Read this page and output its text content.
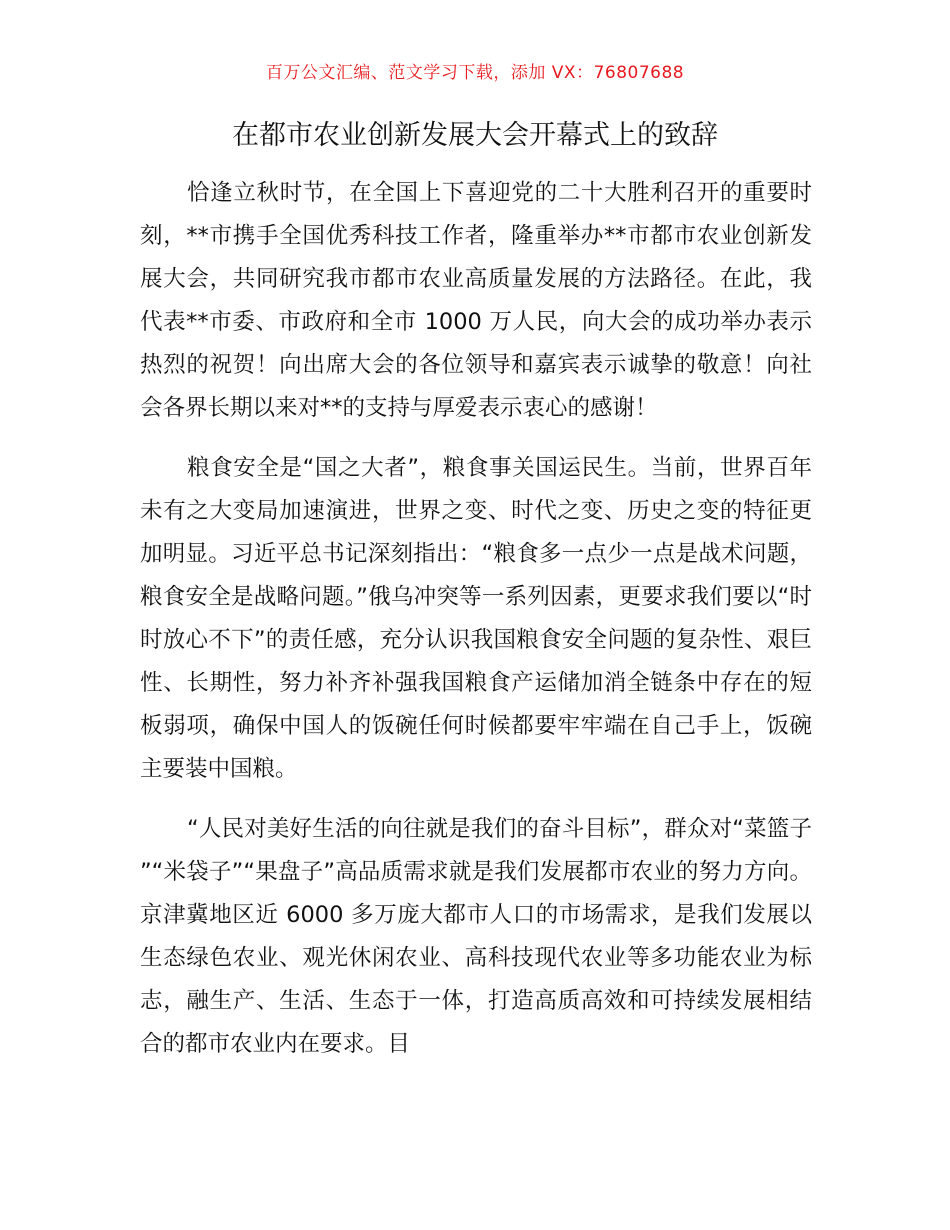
百万公文汇编、范文学习下载，添加 VX：76807688
在都市农业创新发展大会开幕式上的致辞

恰逢立秋时节，在全国上下喜迎党的二十大胜利召开的重要时刻，**市携手全国优秀科技工作者，隆重举办**市都市农业创新发展大会，共同研究我市都市农业高质量发展的方法路径。在此，我代表**市委、市政府和全市 1000 万人民，向大会的成功举办表示热烈的祝贺！向出席大会的各位领导和嘉宾表示诚挚的敬意！向社会各界长期以来对**的支持与厚爱表示衷心的感谢！

粮食安全是“国之大者”，粮食事关国运民生。当前，世界百年未有之大变局加速演进，世界之变、时代之变、历史之变的特征更加明显。习近平总书记深刻指出：“粮食多一点少一点是战术问题，粮食安全是战略问题。”俄乌冲突等一系列因素，更要求我们要以“时时放心不下”的责任感，充分认识我国粮食安全问题的复杂性、艰巨性、长期性，努力补齐补强我国粮食产运储加消全链条中存在的短板弱项，确保中国人的饭碗任何时候都要牢牢端在自己手上，饭碗主要装中国粮。

“人民对美好生活的向往就是我们的奋斗目标”，群众对“菜篮子”“米袋子”“果盘子”高品质需求就是我们发展都市农业的努力方向。京津冀地区近 6000 多万庞大都市人口的市场需求，是我们发展以生态绿色农业、观光休闲农业、高科技现代农业等多功能农业为标志，融生产、生活、生态于一体，打造高质高效和可持续发展相结合的都市农业内在要求。目
